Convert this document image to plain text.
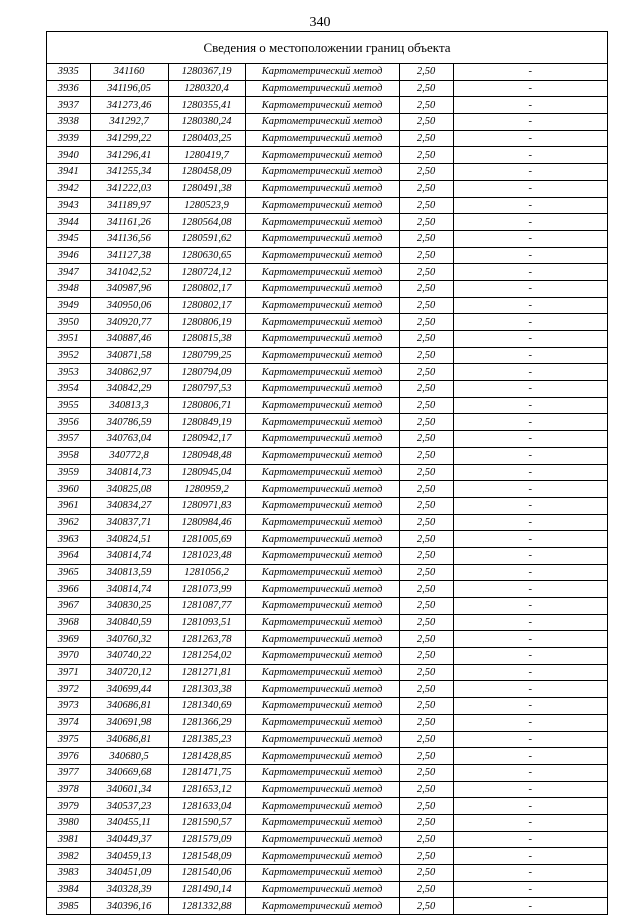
340
Сведения о местоположении границ объекта
3935	341160	1280367,19	Картометрический метод	2,50	-
3936	341196,05	1280320,4	Картометрический метод	2,50	-
3937	341273,46	1280355,41	Картометрический метод	2,50	-
3938	341292,7	1280380,24	Картометрический метод	2,50	-
3939	341299,22	1280403,25	Картометрический метод	2,50	-
3940	341296,41	1280419,7	Картометрический метод	2,50	-
3941	341255,34	1280458,09	Картометрический метод	2,50	-
3942	341222,03	1280491,38	Картометрический метод	2,50	-
3943	341189,97	1280523,9	Картометрический метод	2,50	-
3944	341161,26	1280564,08	Картометрический метод	2,50	-
3945	341136,56	1280591,62	Картометрический метод	2,50	-
3946	341127,38	1280630,65	Картометрический метод	2,50	-
3947	341042,52	1280724,12	Картометрический метод	2,50	-
3948	340987,96	1280802,17	Картометрический метод	2,50	-
3949	340950,06	1280802,17	Картометрический метод	2,50	-
3950	340920,77	1280806,19	Картометрический метод	2,50	-
3951	340887,46	1280815,38	Картометрический метод	2,50	-
3952	340871,58	1280799,25	Картометрический метод	2,50	-
3953	340862,97	1280794,09	Картометрический метод	2,50	-
3954	340842,29	1280797,53	Картометрический метод	2,50	-
3955	340813,3	1280806,71	Картометрический метод	2,50	-
3956	340786,59	1280849,19	Картометрический метод	2,50	-
3957	340763,04	1280942,17	Картометрический метод	2,50	-
3958	340772,8	1280948,48	Картометрический метод	2,50	-
3959	340814,73	1280945,04	Картометрический метод	2,50	-
3960	340825,08	1280959,2	Картометрический метод	2,50	-
3961	340834,27	1280971,83	Картометрический метод	2,50	-
3962	340837,71	1280984,46	Картометрический метод	2,50	-
3963	340824,51	1281005,69	Картометрический метод	2,50	-
3964	340814,74	1281023,48	Картометрический метод	2,50	-
3965	340813,59	1281056,2	Картометрический метод	2,50	-
3966	340814,74	1281073,99	Картометрический метод	2,50	-
3967	340830,25	1281087,77	Картометрический метод	2,50	-
3968	340840,59	1281093,51	Картометрический метод	2,50	-
3969	340760,32	1281263,78	Картометрический метод	2,50	-
3970	340740,22	1281254,02	Картометрический метод	2,50	-
3971	340720,12	1281271,81	Картометрический метод	2,50	-
3972	340699,44	1281303,38	Картометрический метод	2,50	-
3973	340686,81	1281340,69	Картометрический метод	2,50	-
3974	340691,98	1281366,29	Картометрический метод	2,50	-
3975	340686,81	1281385,23	Картометрический метод	2,50	-
3976	340680,5	1281428,85	Картометрический метод	2,50	-
3977	340669,68	1281471,75	Картометрический метод	2,50	-
3978	340601,34	1281653,12	Картометрический метод	2,50	-
3979	340537,23	1281633,04	Картометрический метод	2,50	-
3980	340455,11	1281590,57	Картометрический метод	2,50	-
3981	340449,37	1281579,09	Картометрический метод	2,50	-
3982	340459,13	1281548,09	Картометрический метод	2,50	-
3983	340451,09	1281540,06	Картометрический метод	2,50	-
3984	340328,39	1281490,14	Картометрический метод	2,50	-
3985	340396,16	1281332,88	Картометрический метод	2,50	-
